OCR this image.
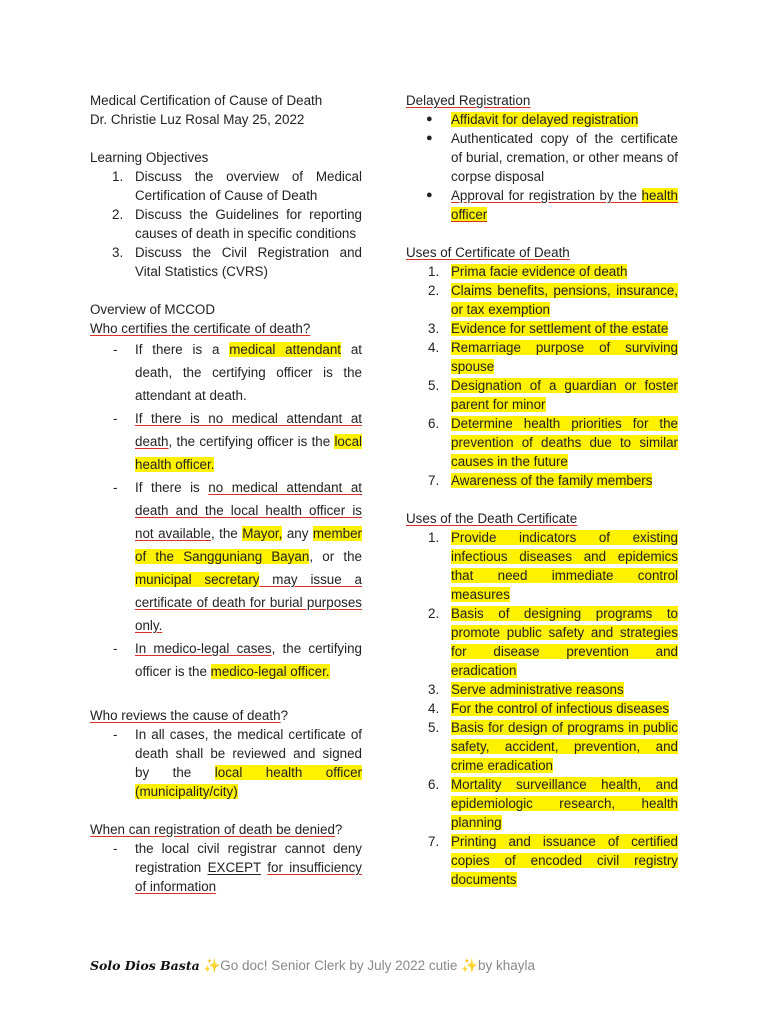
Medical Certification of Cause of Death

Dr. Christie Luz Rosal May 25, 2022

Learning Objectives

1. Discuss the overview of Medical Certification of Cause of Death
2. Discuss the Guidelines for reporting causes of death in specific conditions
3. Discuss the Civil Registration and Vital Statistics (CVRS)

Overview of MCCOD

Who certifies the certificate of death?

- If there is a medical attendant at death, the certifying officer is the attendant at death.
- If there is no medical attendant at death, the certifying officer is the local health officer.
- If there is no medical attendant at death and the local health officer is not available, the Mayor, any member of the Sangguniang Bayan, or the municipal secretary may issue a certificate of death for burial purposes only.
- In medico-legal cases, the certifying officer is the medico-legal officer.

Who reviews the cause of death?

- In all cases, the medical certificate of death shall be reviewed and signed by the local health officer (municipality/city)

When can registration of death be denied?

- the local civil registrar cannot deny registration EXCEPT for insufficiency of information

Delayed Registration

● Affidavit for delayed registration
● Authenticated copy of the certificate of burial, cremation, or other means of corpse disposal
● Approval for registration by the health officer

Uses of Certificate of Death

1. Prima facie evidence of death
2. Claims benefits, pensions, insurance, or tax exemption
3. Evidence for settlement of the estate
4. Remarriage purpose of surviving spouse
5. Designation of a guardian or foster parent for minor
6. Determine health priorities for the prevention of deaths due to similar causes in the future
7. Awareness of the family members

Uses of the Death Certificate

1. Provide indicators of existing infectious diseases and epidemics that need immediate control measures
2. Basis of designing programs to promote public safety and strategies for disease prevention and eradication
3. Serve administrative reasons
4. For the control of infectious diseases
5. Basis for design of programs in public safety, accident, prevention, and crime eradication
6. Mortality surveillance health, and epidemiologic research, health planning
7. Printing and issuance of certified copies of encoded civil registry documents
Solo Dios Basta ✨Go doc! Senior Clerk by July 2022 cutie ✨by khayla
